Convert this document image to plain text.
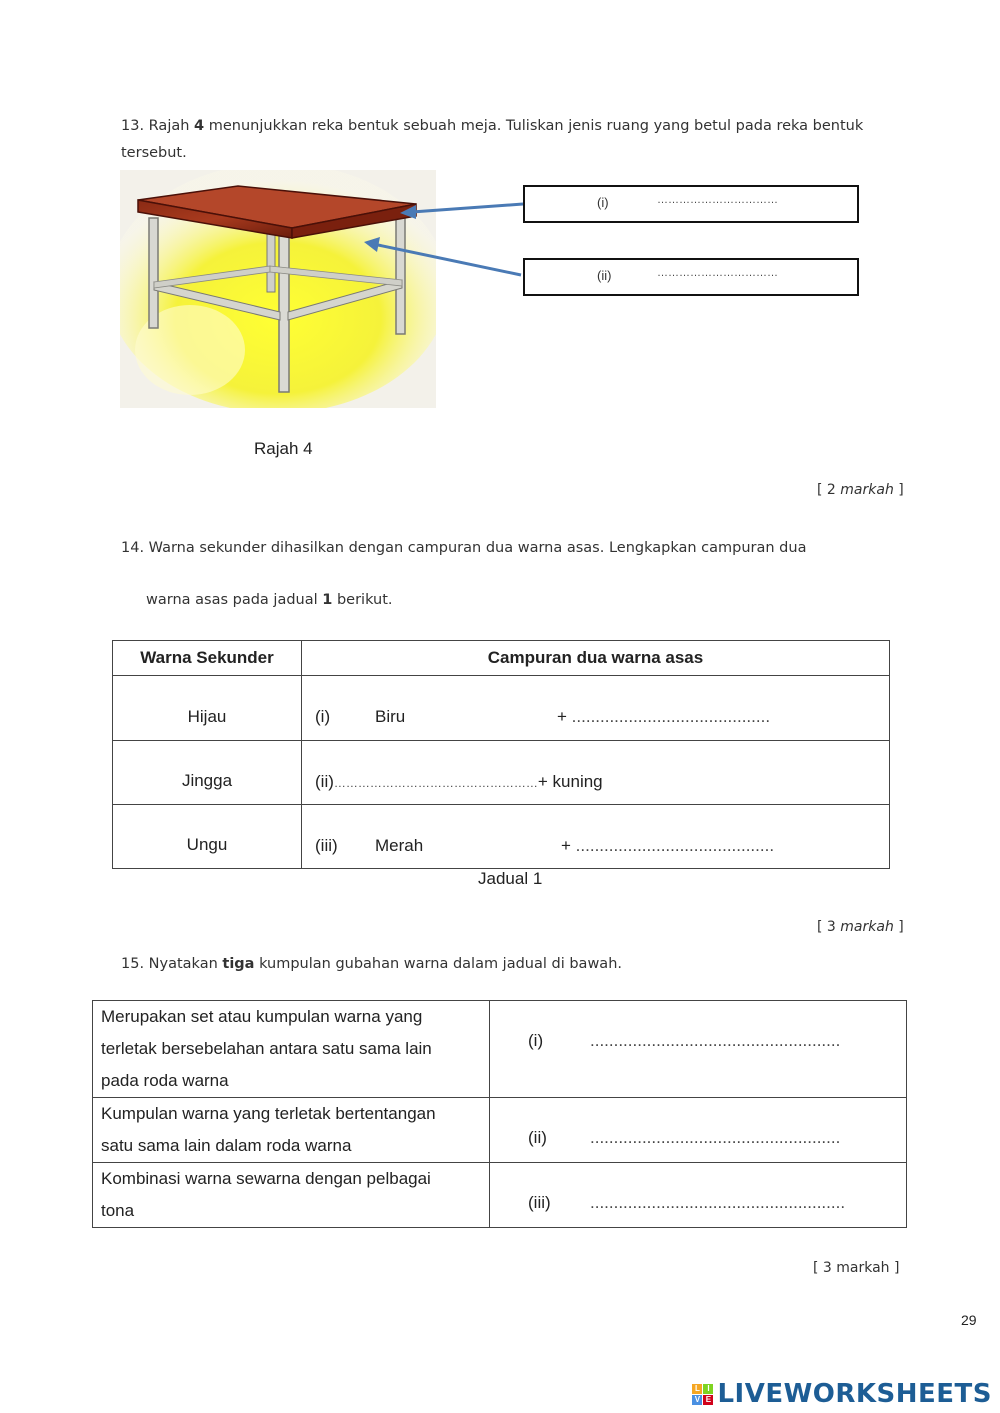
13. Rajah 4 menunjukkan reka bentuk sebuah meja. Tuliskan jenis ruang yang betul pada reka bentuk
tersebut.
(i)	……………………………
(ii)	……………………………
Rajah 4
[ 2 markah ]
14. Warna sekunder dihasilkan dengan campuran dua warna asas. Lengkapkan campuran dua
warna asas pada jadual 1 berikut.
Warna Sekunder	Campuran dua warna asas
Hijau	(i) Biru + ..........................................
Jingga	(ii)……………………………………………+ kuning
Ungu	(iii) Merah + ..........................................
Jadual 1
[ 3 markah ]
15. Nyatakan tiga kumpulan gubahan warna dalam jadual di bawah.
Merupakan set atau kumpulan warna yang
terletak bersebelahan antara satu sama lain
pada roda warna	(i) .....................................................
Kumpulan warna yang terletak bertentangan
satu sama lain dalam roda warna	(ii) .....................................................
Kombinasi warna sewarna dengan pelbagai
tona	(iii) ......................................................
[ 3 markah ]
29
L I
V E LIVEWORKSHEETS
